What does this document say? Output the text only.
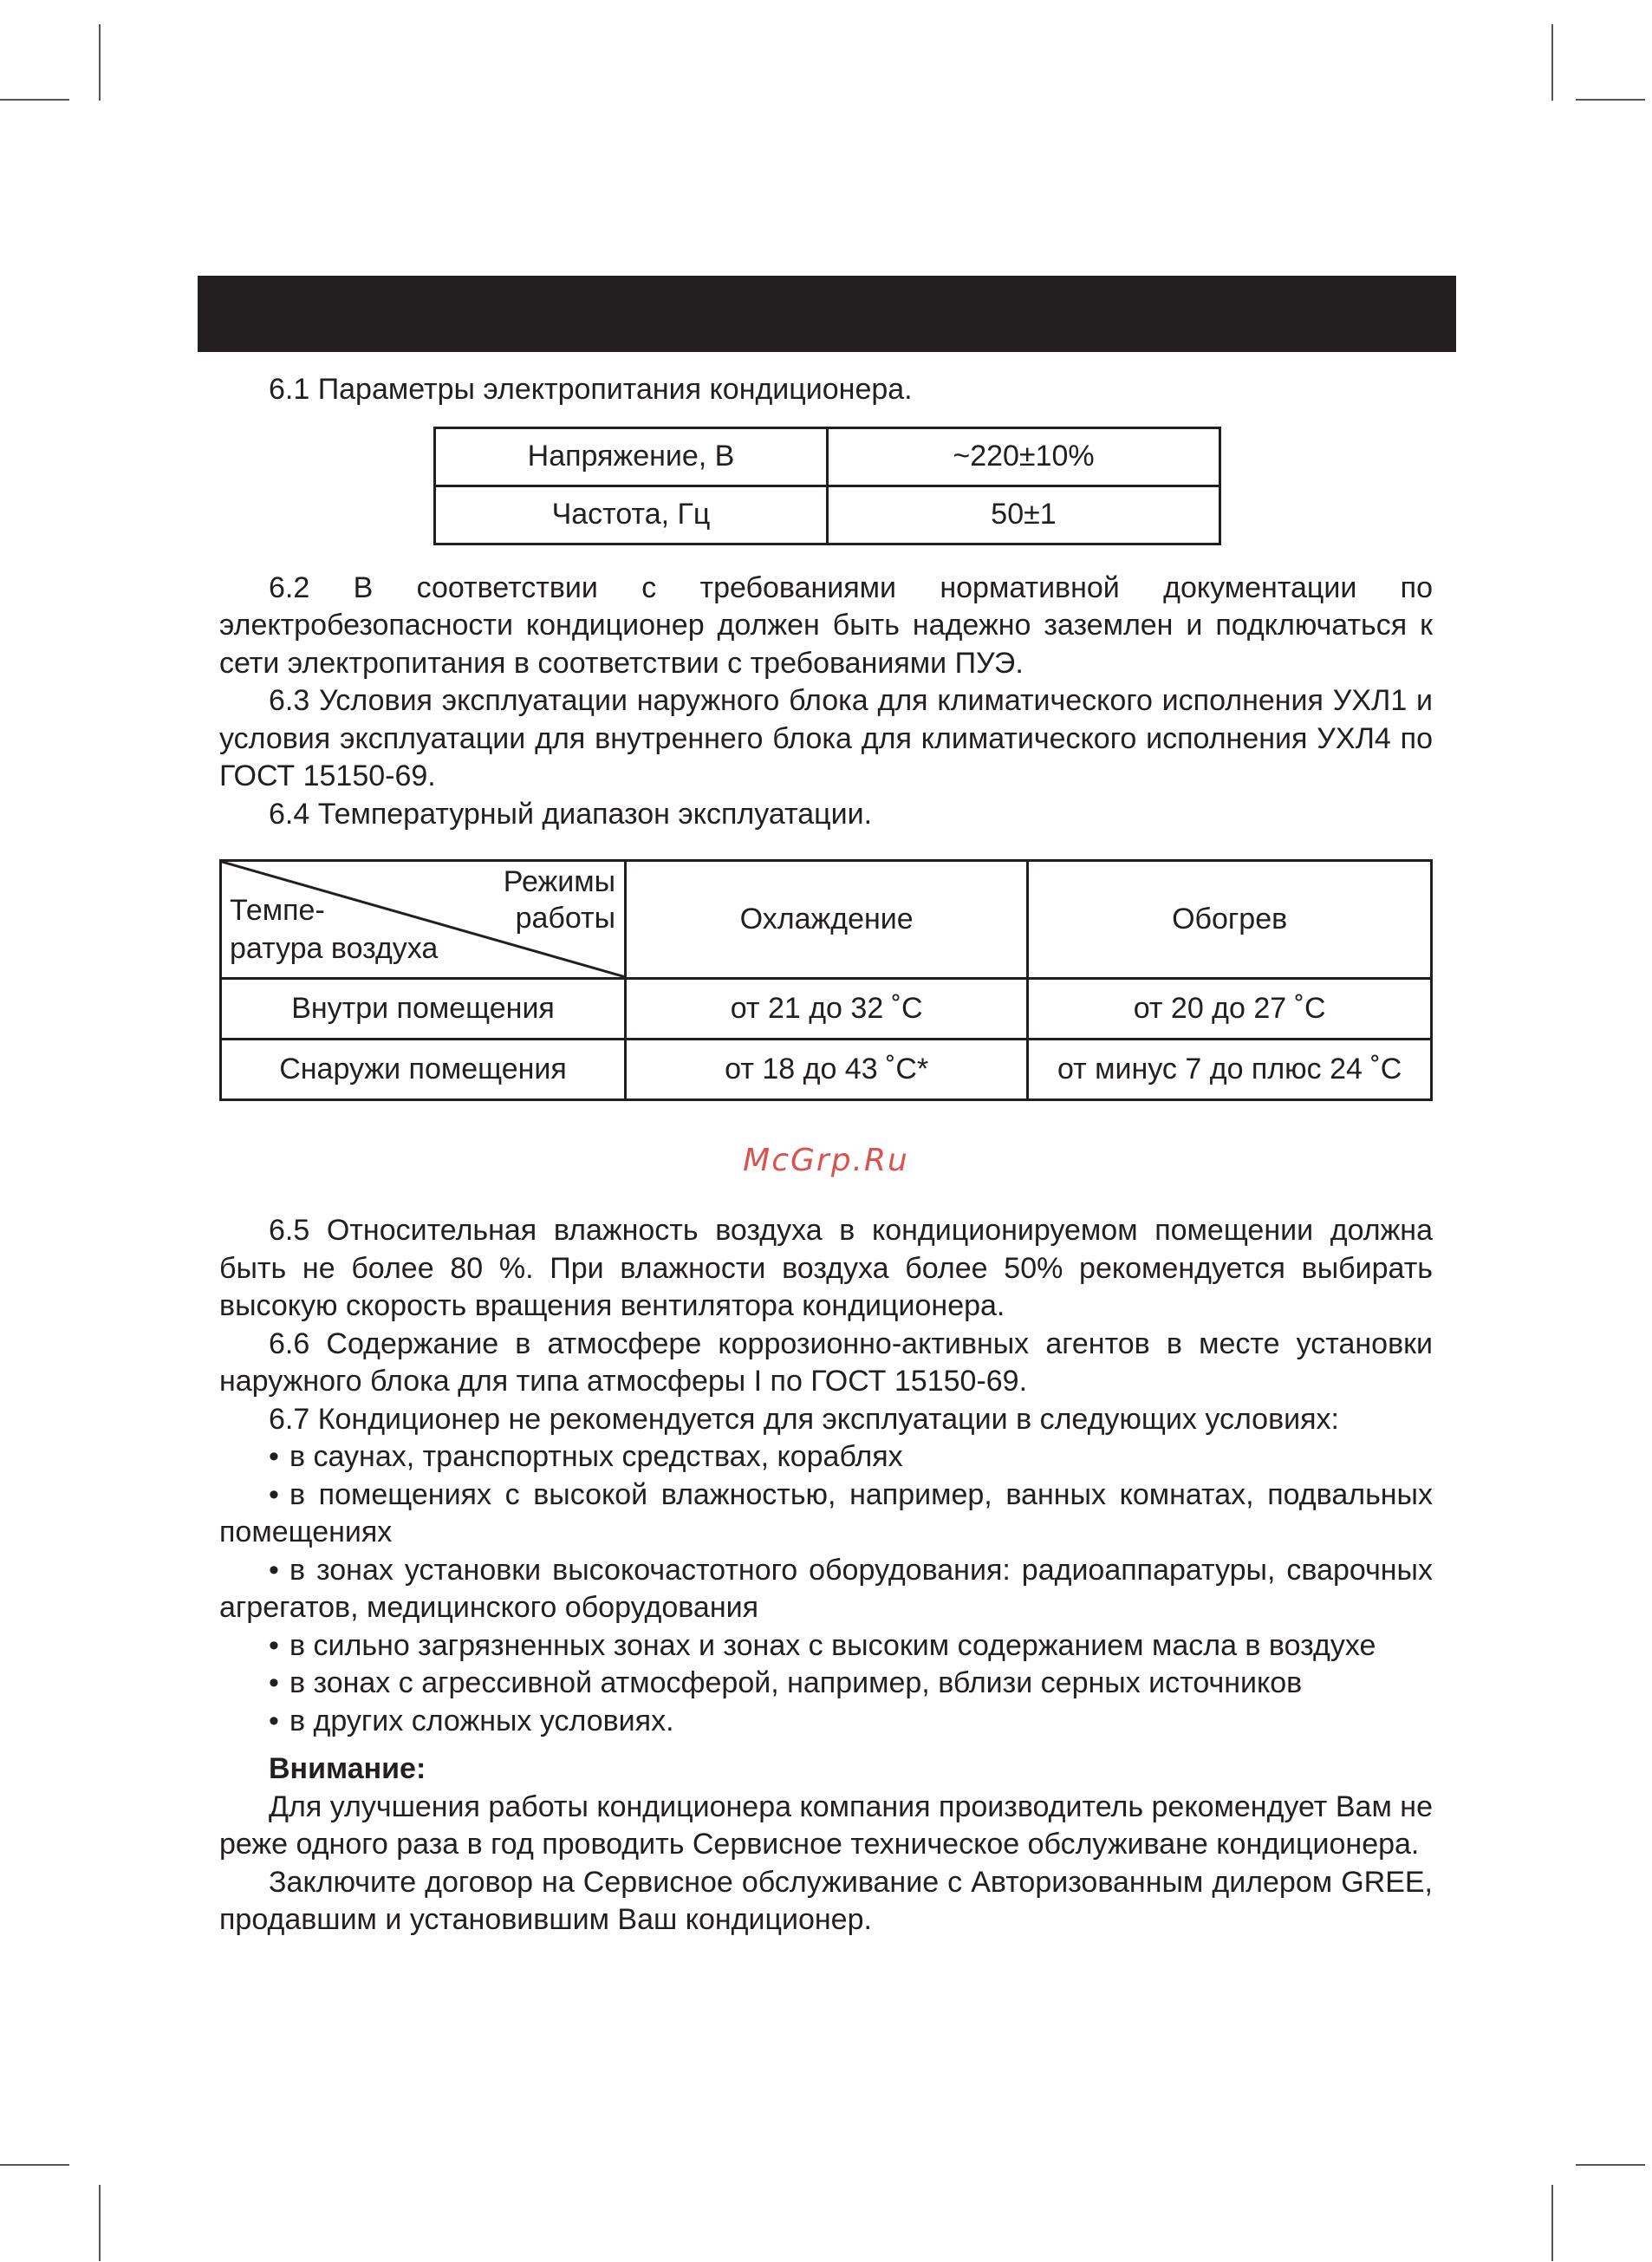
6.1 Параметры электропитания кондиционера.

Напряжение, В	~220±10%
Частота, Гц	50±1

6.2 В соответствии с требованиями нормативной документации по электробезопасности кондиционер должен быть надежно заземлен и подключаться к сети электропитания в соответствии с требованиями ПУЭ.

6.3 Условия эксплуатации наружного блока для климатического исполнения УХЛ1 и условия эксплуатации для внутреннего блока для климатического исполнения УХЛ4 по ГОСТ 15150-69.

6.4 Температурный диапазон эксплуатации.

Режимы
работы
Темпе-
ратура воздуха	Охлаждение	Обогрев
Внутри помещения	от 21 до 32 ˚С	от 20 до 27 ˚С
Снаружи помещения	от 18 до 43 ˚С*	от минус 7 до плюс 24 ˚С
McGrp.Ru

6.5 Относительная влажность воздуха в кондиционируемом помещении должна быть не более 80 %. При влажности воздуха более 50% рекомендуется выбирать высокую скорость вращения вентилятора кондиционера.

6.6 Содержание в атмосфере коррозионно-активных агентов в месте установки наружного блока для типа атмосферы I по ГОСТ 15150-69.

6.7 Кондиционер не рекомендуется для эксплуатации в следующих условиях:

• в саунах, транспортных средствах, кораблях

• в помещениях с высокой влажностью, например, ванных комнатах, подвальных помещениях

• в зонах установки высокочастотного оборудования: радиоаппаратуры, сварочных агрегатов, медицинского оборудования

• в сильно загрязненных зонах и зонах с высоким содержанием масла в воздухе

• в зонах с агрессивной атмосферой, например, вблизи серных источников

• в других сложных условиях.

Внимание:

Для улучшения работы кондиционера компания производитель рекомендует Вам не реже одного раза в год проводить Сервисное техническое обслуживане кондиционера.

Заключите договор на Сервисное обслуживание с Авторизованным дилером GREE, продавшим и установившим Ваш кондиционер.
